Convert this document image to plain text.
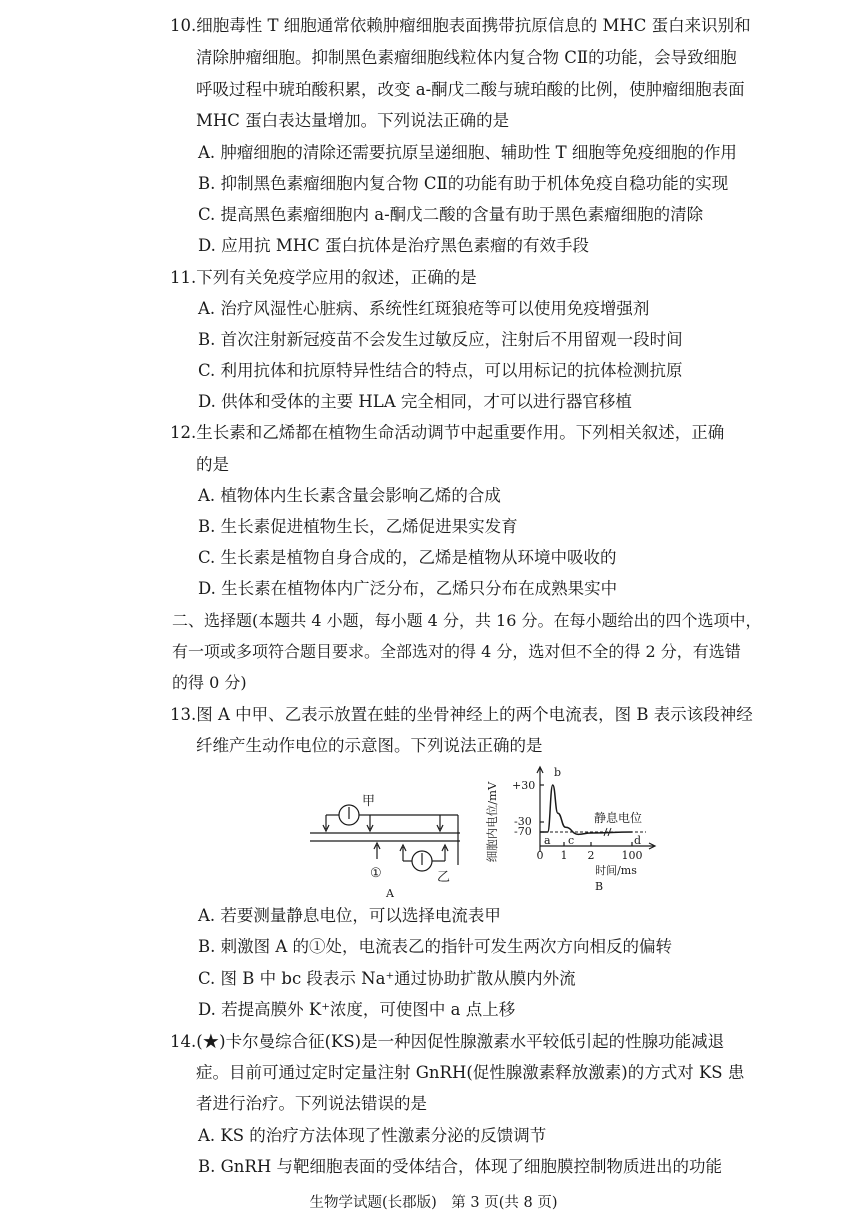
10.细胞毒性 T 细胞通常依赖肿瘤细胞表面携带抗原信息的 MHC 蛋白来识别和
清除肿瘤细胞。抑制黑色素瘤细胞线粒体内复合物 CⅡ的功能，会导致细胞
呼吸过程中琥珀酸积累，改变 a-酮戊二酸与琥珀酸的比例，使肿瘤细胞表面
MHC 蛋白表达量增加。下列说法正确的是
A. 肿瘤细胞的清除还需要抗原呈递细胞、辅助性 T 细胞等免疫细胞的作用
B. 抑制黑色素瘤细胞内复合物 CⅡ的功能有助于机体免疫自稳功能的实现
C. 提高黑色素瘤细胞内 a-酮戊二酸的含量有助于黑色素瘤细胞的清除
D. 应用抗 MHC 蛋白抗体是治疗黑色素瘤的有效手段
11.下列有关免疫学应用的叙述，正确的是
A. 治疗风湿性心脏病、系统性红斑狼疮等可以使用免疫增强剂
B. 首次注射新冠疫苗不会发生过敏反应，注射后不用留观一段时间
C. 利用抗体和抗原特异性结合的特点，可以用标记的抗体检测抗原
D. 供体和受体的主要 HLA 完全相同，才可以进行器官移植
12.生长素和乙烯都在植物生命活动调节中起重要作用。下列相关叙述，正确
的是
A. 植物体内生长素含量会影响乙烯的合成
B. 生长素促进植物生长，乙烯促进果实发育
C. 生长素是植物自身合成的，乙烯是植物从环境中吸收的
D. 生长素在植物体内广泛分布，乙烯只分布在成熟果实中
二、选择题(本题共 4 小题，每小题 4 分，共 16 分。在每小题给出的四个选项中，
有一项或多项符合题目要求。全部选对的得 4 分，选对但不全的得 2 分，有选错
的得 0 分)
13.图 A 中甲、乙表示放置在蛙的坐骨神经上的两个电流表，图 B 表示该段神经
纤维产生动作电位的示意图。下列说法正确的是
甲
①	乙
A
细胞内电位/mV +30
-30
-70
0 1 2 100
时间/ms
a
b
c	d
静息电位
B
A. 若要测量静息电位，可以选择电流表甲
B. 刺激图 A 的①处，电流表乙的指针可发生两次方向相反的偏转
C. 图 B 中 bc 段表示 Na⁺通过协助扩散从膜内外流
D. 若提高膜外 K⁺浓度，可使图中 a 点上移
14.(★)卡尔曼综合征(KS)是一种因促性腺激素水平较低引起的性腺功能减退
症。目前可通过定时定量注射 GnRH(促性腺激素释放激素)的方式对 KS 患
者进行治疗。下列说法错误的是
A. KS 的治疗方法体现了性激素分泌的反馈调节
B. GnRH 与靶细胞表面的受体结合，体现了细胞膜控制物质进出的功能
生物学试题(长郡版)　第 3 页(共 8 页)
